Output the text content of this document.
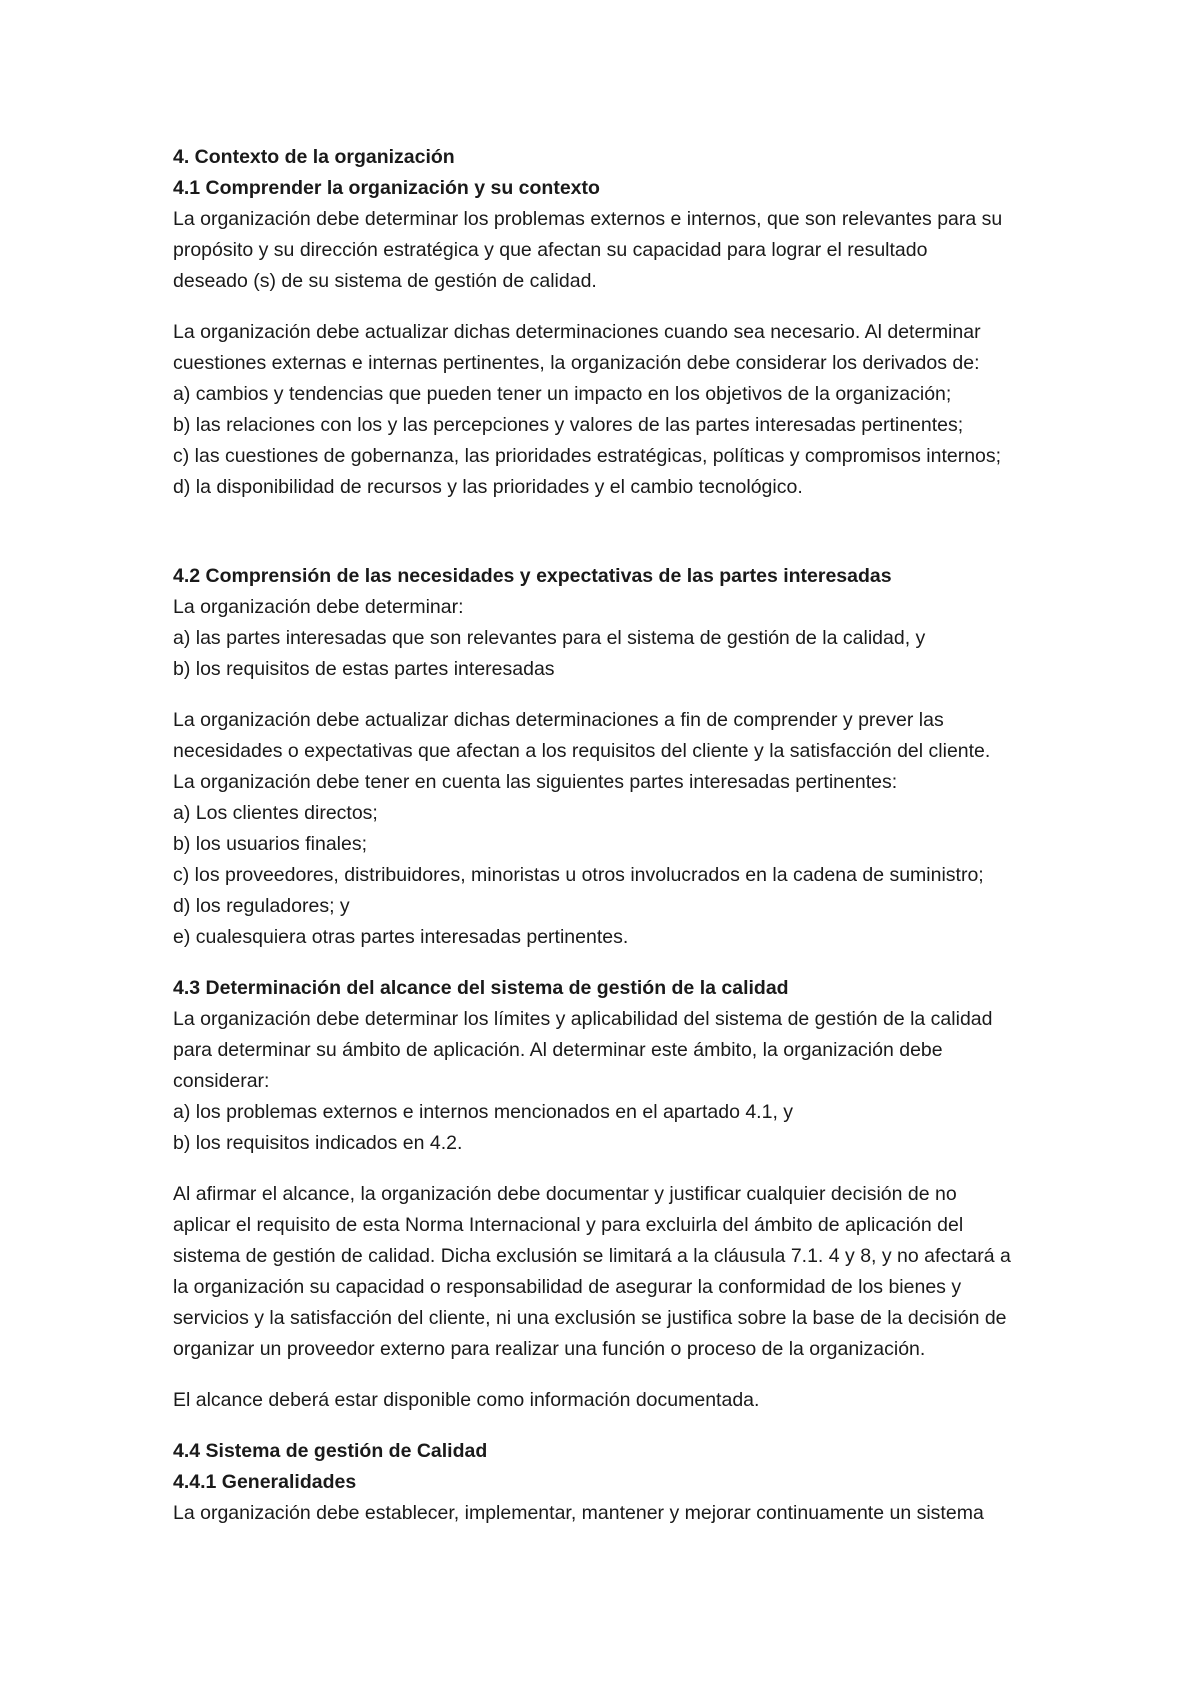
4. Contexto de la organización

4.1 Comprender la organización y su contexto

La organización debe determinar los problemas externos e internos, que son relevantes para su

propósito y su dirección estratégica y que afectan su capacidad para lograr el resultado

deseado (s) de su sistema de gestión de calidad.

La organización debe actualizar dichas determinaciones cuando sea necesario. Al determinar

cuestiones externas e internas pertinentes, la organización debe considerar los derivados de:

a) cambios y tendencias que pueden tener un impacto en los objetivos de la organización;

b) las relaciones con los y las percepciones y valores de las partes interesadas pertinentes;

c) las cuestiones de gobernanza, las prioridades estratégicas, políticas y compromisos internos;

d) la disponibilidad de recursos y las prioridades y el cambio tecnológico.

4.2 Comprensión de las necesidades y expectativas de las partes interesadas

La organización debe determinar:

a) las partes interesadas que son relevantes para el sistema de gestión de la calidad, y

b) los requisitos de estas partes interesadas

La organización debe actualizar dichas determinaciones a fin de comprender y prever las

necesidades o expectativas que afectan a los requisitos del cliente y la satisfacción del cliente.

La organización debe tener en cuenta las siguientes partes interesadas pertinentes:

a) Los clientes directos;

b) los usuarios finales;

c) los proveedores, distribuidores, minoristas u otros involucrados en la cadena de suministro;

d) los reguladores; y

e) cualesquiera otras partes interesadas pertinentes.

4.3 Determinación del alcance del sistema de gestión de la calidad

La organización debe determinar los límites y aplicabilidad del sistema de gestión de la calidad

para determinar su ámbito de aplicación. Al determinar este ámbito, la organización debe

considerar:

a) los problemas externos e internos mencionados en el apartado 4.1, y

b) los requisitos indicados en 4.2.

Al afirmar el alcance, la organización debe documentar y justificar cualquier decisión de no

aplicar el requisito de esta Norma Internacional y para excluirla del ámbito de aplicación del

sistema de gestión de calidad. Dicha exclusión se limitará a la cláusula 7.1. 4 y 8, y no afectará a

la organización su capacidad o responsabilidad de asegurar la conformidad de los bienes y

servicios y la satisfacción del cliente, ni una exclusión se justifica sobre la base de la decisión de

organizar un proveedor externo para realizar una función o proceso de la organización.

El alcance deberá estar disponible como información documentada.

4.4 Sistema de gestión de Calidad

4.4.1 Generalidades

La organización debe establecer, implementar, mantener y mejorar continuamente un sistema
